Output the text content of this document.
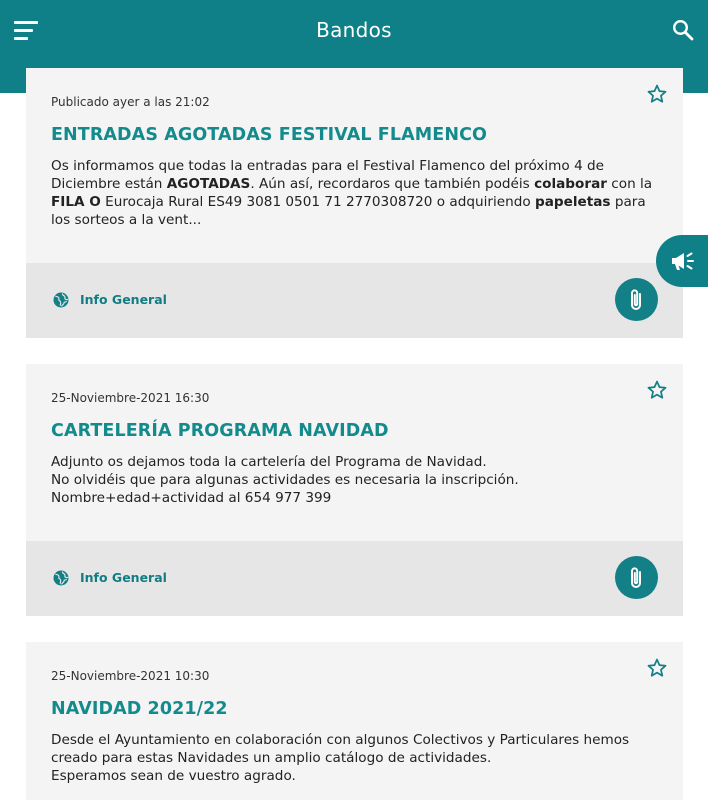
Bandos
Publicado ayer a las 21:02
ENTRADAS AGOTADAS FESTIVAL FLAMENCO
Os informamos que todas la entradas para el Festival Flamenco del próximo 4 de Diciembre están AGOTADAS. Aún así, recordaros que también podéis colaborar con la FILA O Eurocaja Rural ES49 3081 0501 71 2770308720 o adquiriendo papeletas para los sorteos a la vent...
Info General
25-Noviembre-2021 16:30
CARTELERÍA PROGRAMA NAVIDAD
Adjunto os dejamos toda la cartelería del Programa de Navidad.
No olvidéis que para algunas actividades es necesaria la inscripción.
Nombre+edad+actividad al 654 977 399
Info General
25-Noviembre-2021 10:30
NAVIDAD 2021/22
Desde el Ayuntamiento en colaboración con algunos Colectivos y Particulares hemos creado para estas Navidades un amplio catálogo de actividades.
Esperamos sean de vuestro agrado.
